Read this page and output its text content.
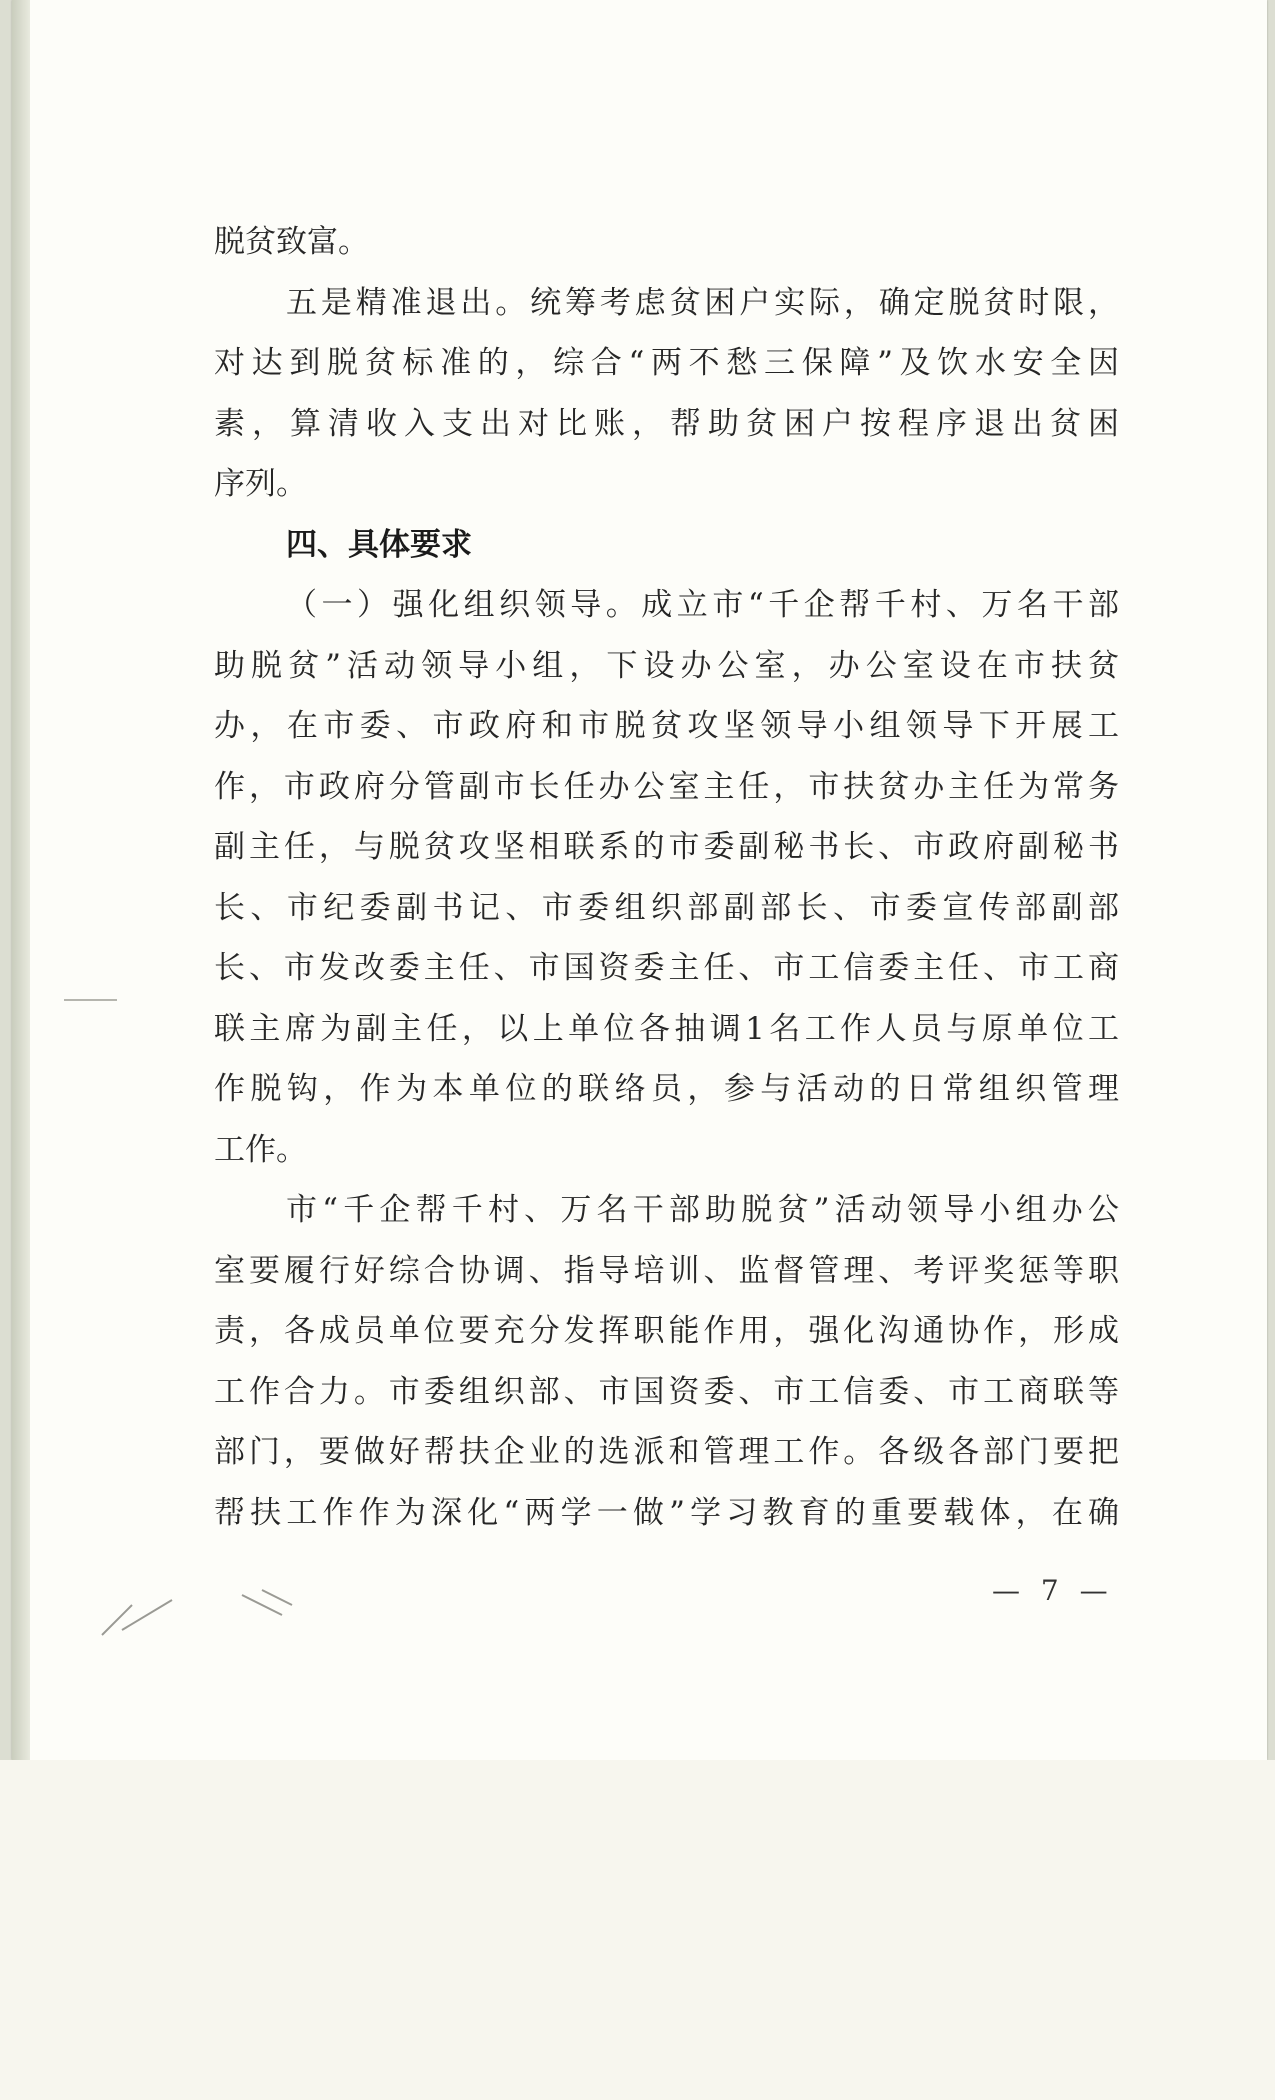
脱贫致富。
五是精准退出。统筹考虑贫困户实际，确定脱贫时限，
对达到脱贫标准的，综合“两不愁三保障”及饮水安全因
素，算清收入支出对比账，帮助贫困户按程序退出贫困
序列。
四、具体要求
（一）强化组织领导。成立市“千企帮千村、万名干部
助脱贫”活动领导小组，下设办公室，办公室设在市扶贫
办，在市委、市政府和市脱贫攻坚领导小组领导下开展工
作，市政府分管副市长任办公室主任，市扶贫办主任为常务
副主任，与脱贫攻坚相联系的市委副秘书长、市政府副秘书
长、市纪委副书记、市委组织部副部长、市委宣传部副部
长、市发改委主任、市国资委主任、市工信委主任、市工商
联主席为副主任，以上单位各抽调1名工作人员与原单位工
作脱钩，作为本单位的联络员，参与活动的日常组织管理
工作。
市“千企帮千村、万名干部助脱贫”活动领导小组办公
室要履行好综合协调、指导培训、监督管理、考评奖惩等职
责，各成员单位要充分发挥职能作用，强化沟通协作，形成
工作合力。市委组织部、市国资委、市工信委、市工商联等
部门，要做好帮扶企业的选派和管理工作。各级各部门要把
帮扶工作作为深化“两学一做”学习教育的重要载体，在确
— 7 —
